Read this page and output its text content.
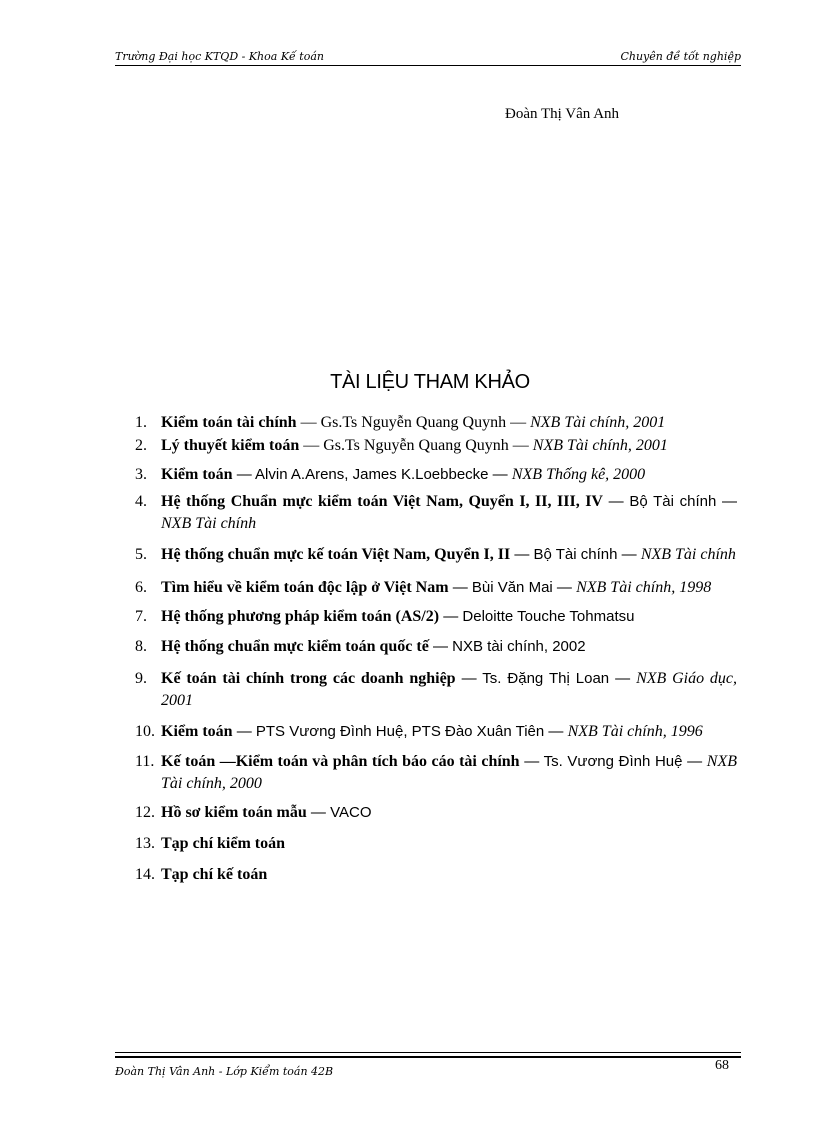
Trường Đại học KTQD - Khoa Kế toán	Chuyên đề tốt nghiệp
Đoàn Thị Vân Anh
TÀI LIỆU THAM KHẢO
1. Kiểm toán tài chính — Gs.Ts Nguyễn Quang Quynh — NXB Tài chính, 2001
2. Lý thuyết kiểm toán — Gs.Ts Nguyễn Quang Quynh — NXB Tài chính, 2001
3. Kiểm toán — Alvin A.Arens, James K.Loebbecke — NXB Thống kê, 2000
4. Hệ thống Chuẩn mực kiểm toán Việt Nam, Quyển I, II, III, IV — Bộ Tài chính — NXB Tài chính
5. Hệ thống chuẩn mực kế toán Việt Nam, Quyển I, II — Bộ Tài chính — NXB Tài chính
6. Tìm hiểu về kiểm toán độc lập ở Việt Nam — Bùi Văn Mai — NXB Tài chính, 1998
7. Hệ thống phương pháp kiểm toán (AS/2) — Deloitte Touche Tohmatsu
8. Hệ thống chuẩn mực kiểm toán quốc tế — NXB tài chính, 2002
9. Kế toán tài chính trong các doanh nghiệp — Ts. Đặng Thị Loan — NXB Giáo dục, 2001
10. Kiểm toán — PTS Vương Đình Huệ, PTS Đào Xuân Tiên — NXB Tài chính, 1996
11. Kế toán —Kiểm toán và phân tích báo cáo tài chính — Ts. Vương Đình Huệ — NXB Tài chính, 2000
12. Hồ sơ kiểm toán mẫu — VACO
13. Tạp chí kiểm toán
14. Tạp chí kế toán
Đoàn Thị Vân Anh - Lớp Kiểm toán 42B	68
